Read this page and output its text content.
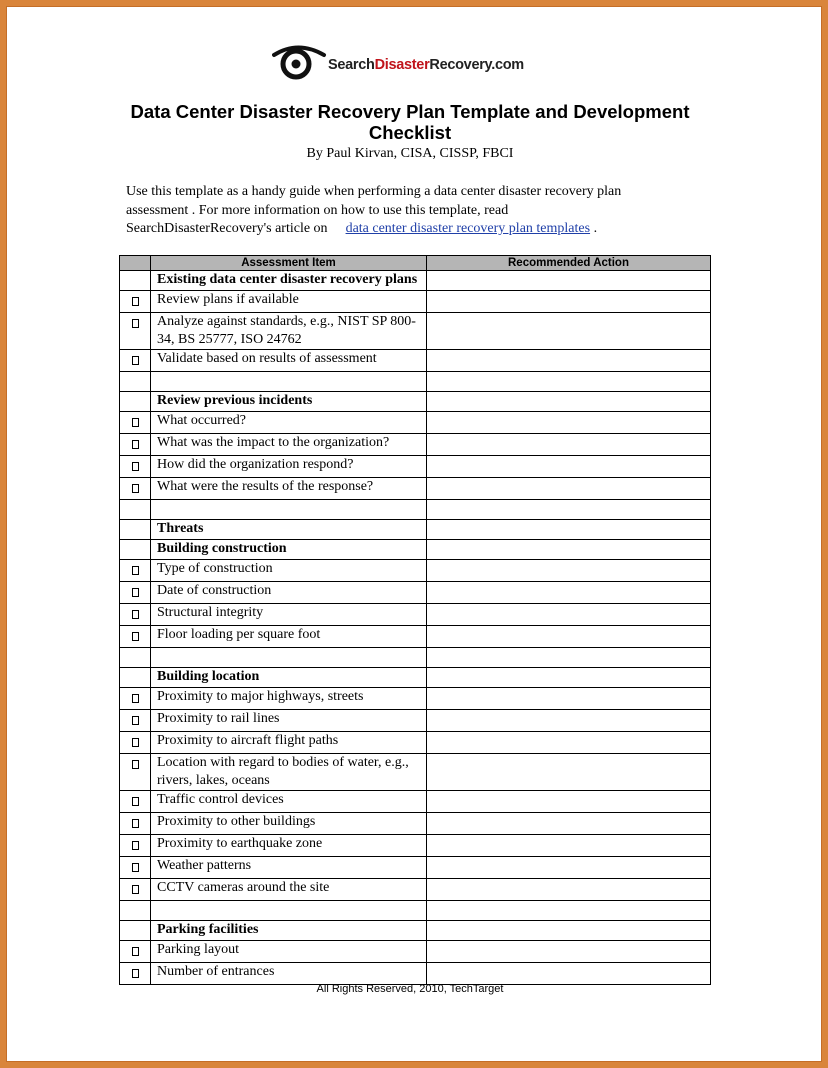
SearchDisasterRecovery.com
Data Center Disaster Recovery Plan Template and Development
Checklist
By Paul Kirvan, CISA, CISSP, FBCI
Use this template as a handy guide when performing a data center disaster recovery plan
assessment . For more information on how to use this template, read
SearchDisasterRecovery's article on data center disaster recovery plan templates .
	Assessment Item	Recommended Action
	Existing data center disaster recovery plans	
	Review plans if available	
	Analyze against standards, e.g., NIST SP 800-34, BS 25777, ISO 24762	
	Validate based on results of assessment	

	Review previous incidents	
	What occurred?	
	What was the impact to the organization?	
	How did the organization respond?	
	What were the results of the response?	

	Threats	
	Building construction	
	Type of construction	
	Date of construction	
	Structural integrity	
	Floor loading per square foot	

	Building location	
	Proximity to major highways, streets	
	Proximity to rail lines	
	Proximity to aircraft flight paths	
	Location with regard to bodies of water, e.g., rivers, lakes, oceans	
	Traffic control devices	
	Proximity to other buildings	
	Proximity to earthquake zone	
	Weather patterns	
	CCTV cameras around the site	

	Parking facilities	
	Parking layout	
	Number of entrances	
All Rights Reserved, 2010, TechTarget
